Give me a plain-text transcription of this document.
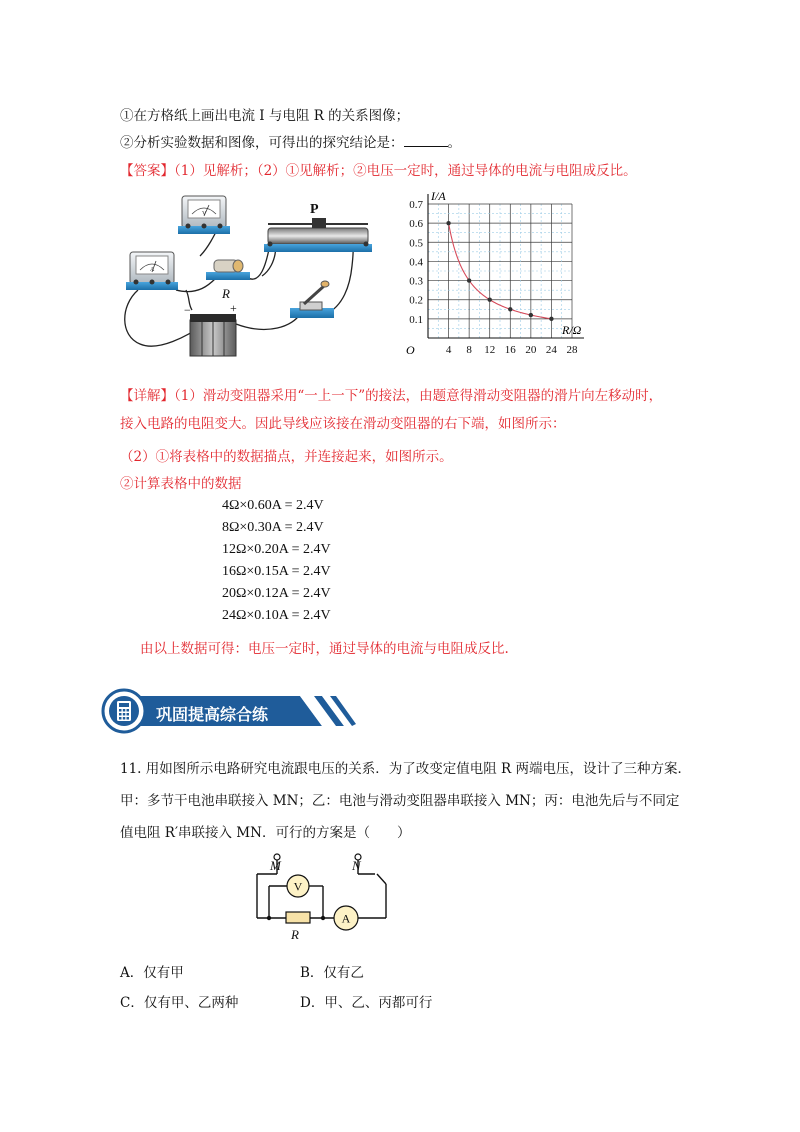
①在方格纸上画出电流 I 与电阻 R 的关系图像；
②分析实验数据和图像，可得出的探究结论是：	。
【答案】（1）见解析；（2）①见解析；②电压一定时，通过导体的电流与电阻成反比。
V
A
R
P
−	+
0.1
0.2
0.3
0.4
0.5
0.6
0.7
4 8 12 16 20 24 28
I/A
R/Ω
O
【详解】（1）滑动变阻器采用“一上一下”的接法，由题意得滑动变阻器的滑片向左移动时，
接入电路的电阻变大。因此导线应该接在滑动变阻器的右下端，如图所示：
（2）①将表格中的数据描点，并连接起来，如图所示。
②计算表格中的数据
4Ω×0.60A = 2.4V
8Ω×0.30A = 2.4V
12Ω×0.20A = 2.4V
16Ω×0.15A = 2.4V
20Ω×0.12A = 2.4V
24Ω×0.10A = 2.4V
由以上数据可得：电压一定时，通过导体的电流与电阻成反比.
巩固提高综合练
11. 用如图所示电路研究电流跟电压的关系．为了改变定值电阻 R 两端电压，设计了三种方案．
甲：多节干电池串联接入 MN；乙：电池与滑动变阻器串联接入 MN；丙：电池先后与不同定
值电阻 R′串联接入 MN．可行的方案是（　　）
V
A
M	N
R
A．仅有甲	B．仅有乙
C．仅有甲、乙两种	D．甲、乙、丙都可行
